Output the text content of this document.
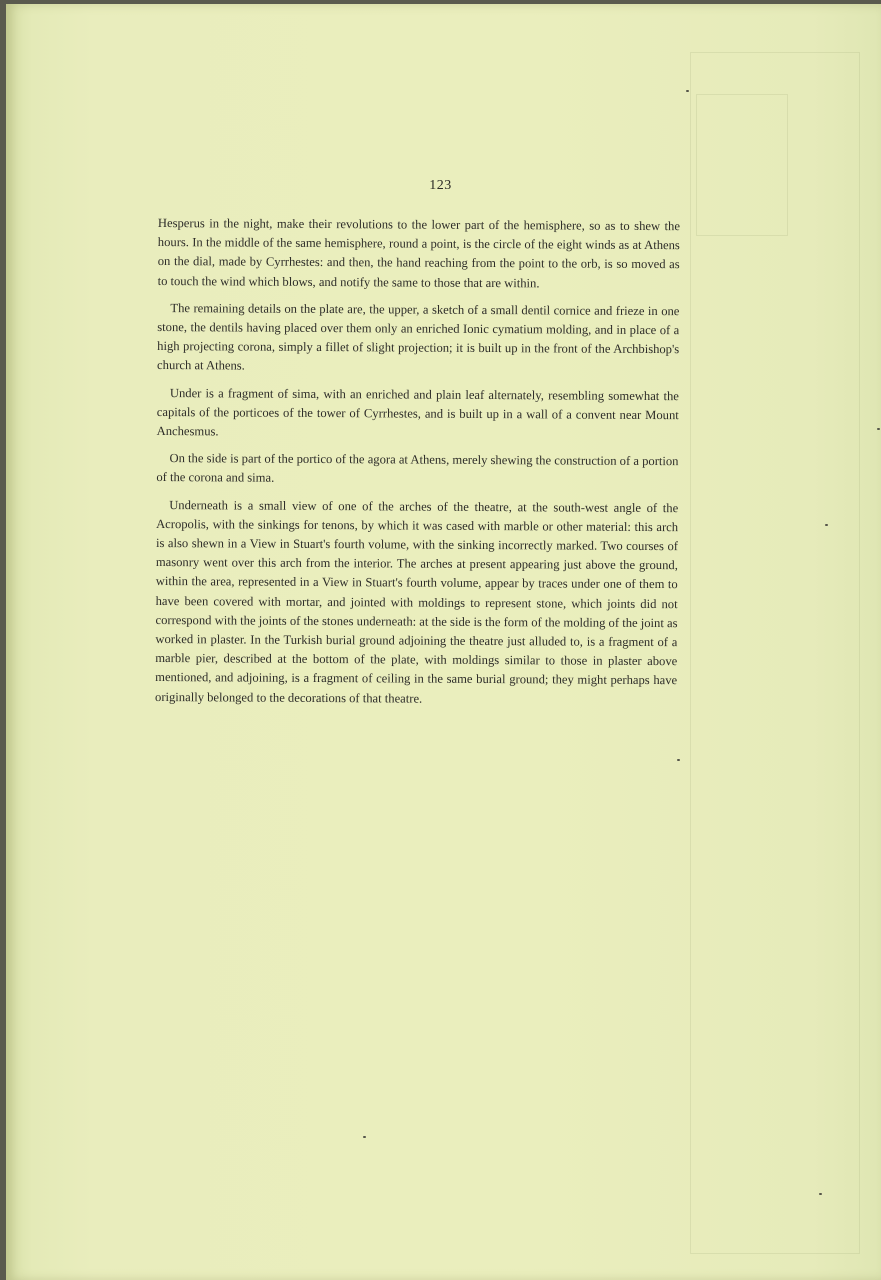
123

Hesperus in the night, make their revolutions to the lower part of the hemisphere, so as to shew the hours. In the middle of the same hemisphere, round a point, is the circle of the eight winds as at Athens on the dial, made by Cyrrhestes: and then, the hand reaching from the point to the orb, is so moved as to touch the wind which blows, and notify the same to those that are within.

The remaining details on the plate are, the upper, a sketch of a small dentil cornice and frieze in one stone, the dentils having placed over them only an enriched Ionic cymatium molding, and in place of a high projecting corona, simply a fillet of slight projection; it is built up in the front of the Archbishop's church at Athens.

Under is a fragment of sima, with an enriched and plain leaf alternately, resembling somewhat the capitals of the porticoes of the tower of Cyrrhestes, and is built up in a wall of a convent near Mount Anchesmus.

On the side is part of the portico of the agora at Athens, merely shewing the construction of a portion of the corona and sima.

Underneath is a small view of one of the arches of the theatre, at the south-west angle of the Acropolis, with the sinkings for tenons, by which it was cased with marble or other material: this arch is also shewn in a View in Stuart's fourth volume, with the sinking incorrectly marked. Two courses of masonry went over this arch from the interior. The arches at present appearing just above the ground, within the area, represented in a View in Stuart's fourth volume, appear by traces under one of them to have been covered with mortar, and jointed with moldings to represent stone, which joints did not correspond with the joints of the stones underneath: at the side is the form of the molding of the joint as worked in plaster. In the Turkish burial ground adjoining the theatre just alluded to, is a fragment of a marble pier, described at the bottom of the plate, with moldings similar to those in plaster above mentioned, and adjoining, is a fragment of ceiling in the same burial ground; they might perhaps have originally belonged to the decorations of that theatre.
